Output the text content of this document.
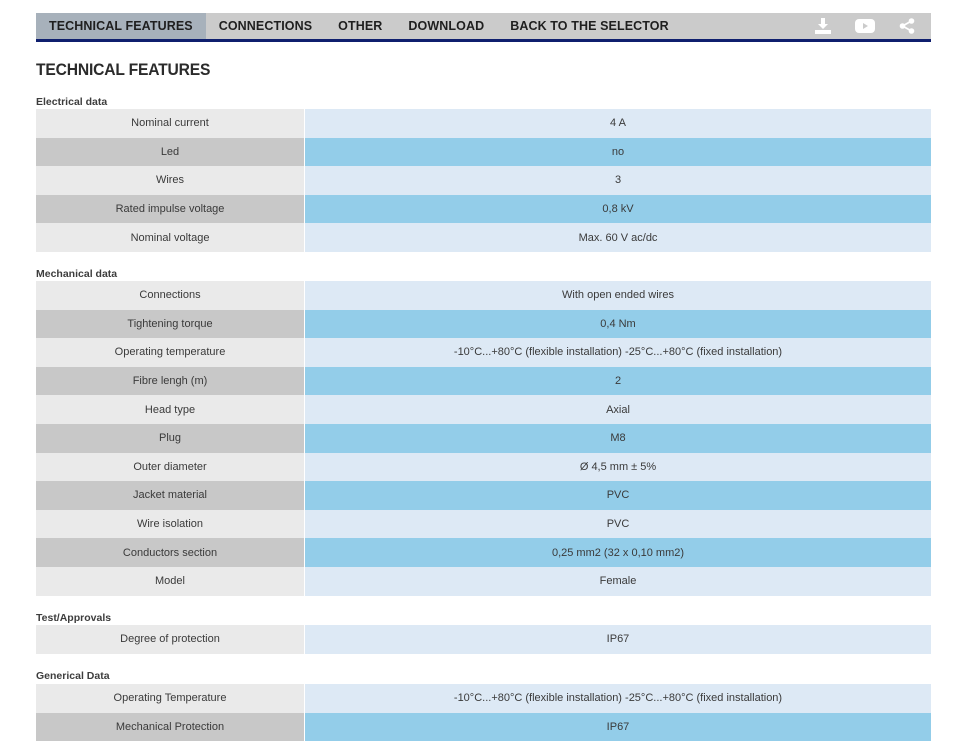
TECHNICAL FEATURES	CONNECTIONS	OTHER	DOWNLOAD	BACK TO THE SELECTOR
TECHNICAL FEATURES
Electrical data
Nominal current	4 A
Led	no
Wires	3
Rated impulse voltage	0,8 kV
Nominal voltage	Max. 60 V ac/dc
Mechanical data
Connections	With open ended wires
Tightening torque	0,4 Nm
Operating temperature	-10°C...+80°C (flexible installation) -25°C...+80°C (fixed installation)
Fibre lengh (m)	2
Head type	Axial
Plug	M8
Outer diameter	Ø 4,5 mm ± 5%
Jacket material	PVC
Wire isolation	PVC
Conductors section	0,25 mm2 (32 x 0,10 mm2)
Model	Female
Test/Approvals
Degree of protection	IP67
Generical Data
Operating Temperature	-10°C...+80°C (flexible installation) -25°C...+80°C (fixed installation)
Mechanical Protection	IP67
